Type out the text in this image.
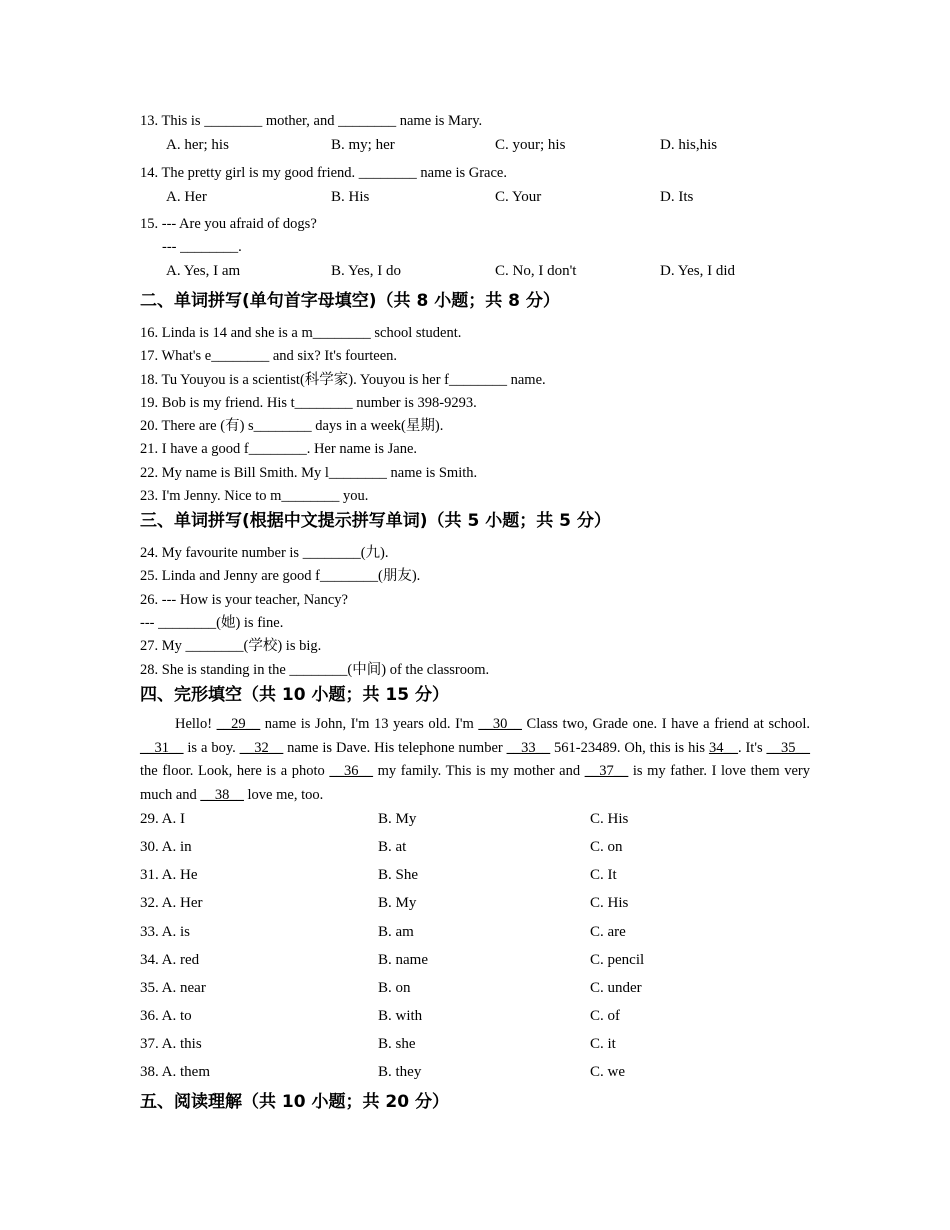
13. This is ________ mother, and ________ name is Mary.
A. her; his	B. my; her	C. your; his	D. his,his
14. The pretty girl is my good friend. ________ name is Grace.
A. Her	B. His	C. Your	D. Its
15. --- Are you afraid of dogs?
--- ________.
A. Yes, I am	B. Yes, I do	C. No, I don't	D. Yes, I did
二、单词拼写(单句首字母填空)（共 8 小题；共 8 分）
16. Linda is 14 and she is a m________ school student.
17. What's e________ and six? It's fourteen.
18. Tu Youyou is a scientist(科学家). Youyou is her f________ name.
19. Bob is my friend. His t________ number is 398-9293.
20. There are (有) s________ days in a week(星期).
21. I have a good f________. Her name is Jane.
22. My name is Bill Smith. My l________ name is Smith.
23. I'm Jenny. Nice to m________ you.
三、单词拼写(根据中文提示拼写单词)（共 5 小题；共 5 分）
24. My favourite number is ________(九).
25. Linda and Jenny are good f________(朋友).
26. --- How is your teacher, Nancy?
--- ________(她) is fine.
27. My ________(学校) is big.
28. She is standing in the ________(中间) of the classroom.
四、完形填空（共 10 小题；共 15 分）
Hello! __29__ name is John, I'm 13 years old. I'm __30__ Class two, Grade one. I have a friend at school. __31__ is a boy. __32__ name is Dave. His telephone number __33__ 561-23489. Oh, this is his 34__. It's __35__ the floor. Look, here is a photo __36__ my family. This is my mother and __37__ is my father. I love them very much and __38__ love me, too.
29. A. I	B. My	C. His
30. A. in	B. at	C. on
31. A. He	B. She	C. It
32. A. Her	B. My	C. His
33. A. is	B. am	C. are
34. A. red	B. name	C. pencil
35. A. near	B. on	C. under
36. A. to	B. with	C. of
37. A. this	B. she	C. it
38. A. them	B. they	C. we
五、阅读理解（共 10 小题；共 20 分）
